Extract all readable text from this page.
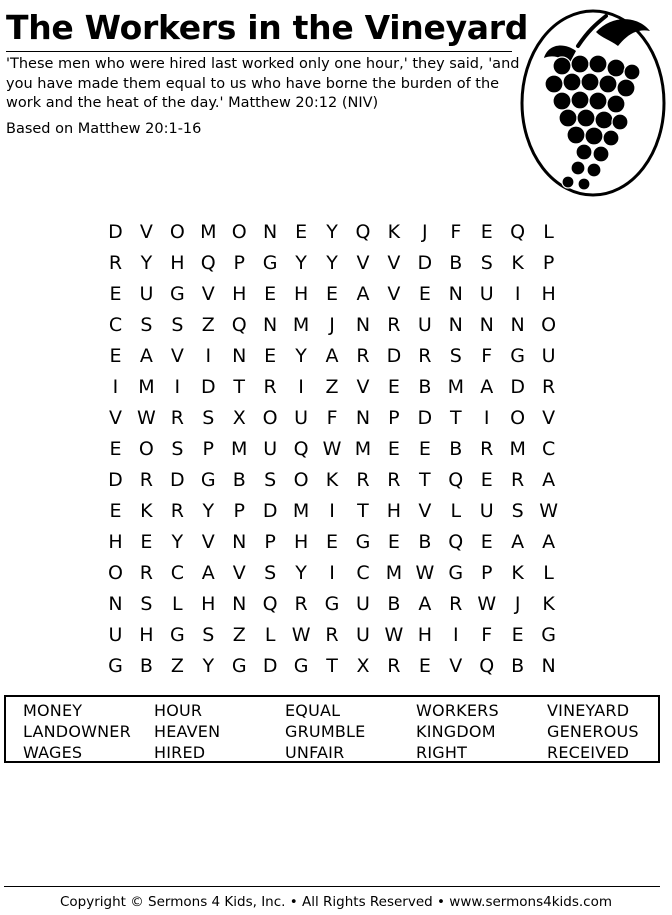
The Workers in the Vineyard
'These men who were hired last worked only one hour,' they said, 'and you have made them equal to us who have borne the burden of the work and the heat of the day.' Matthew 20:12 (NIV)
Based on Matthew 20:1-16
D V O M O N E	Y Q K	J	F	E Q L
R Y H Q P G Y	Y V V D B S K P
E U G V H E H E A V E N U	I	H
C S S Z Q N M	J	N R U N N N O
E A V	I	N E	Y A R D R S	F G U
I	M	I	D T R	I	Z V E B M A D R
V W R S X O U F N P D T	I	O V
E O S	P M U Q W M E E B R M C
D R D G B S O K R R T Q E R A
E K R Y	P D M	I	T H V	L U S W
H E	Y V N P H E G E B Q E A A
O R C A V S	Y	I	C M W G P K	L
N S	L H N Q R G U B A R W J	K
U H G S Z	L W R U W H	I	F	E G
G B Z Y G D G T X R E V Q B N
MONEY	HOUR	EQUAL	WORKERS	VINEYARD
LANDOWNER	HEAVEN	GRUMBLE	KINGDOM	GENEROUS
WAGES	HIRED	UNFAIR	RIGHT	RECEIVED
Copyright © Sermons 4 Kids, Inc. • All Rights Reserved • www.sermons4kids.com
